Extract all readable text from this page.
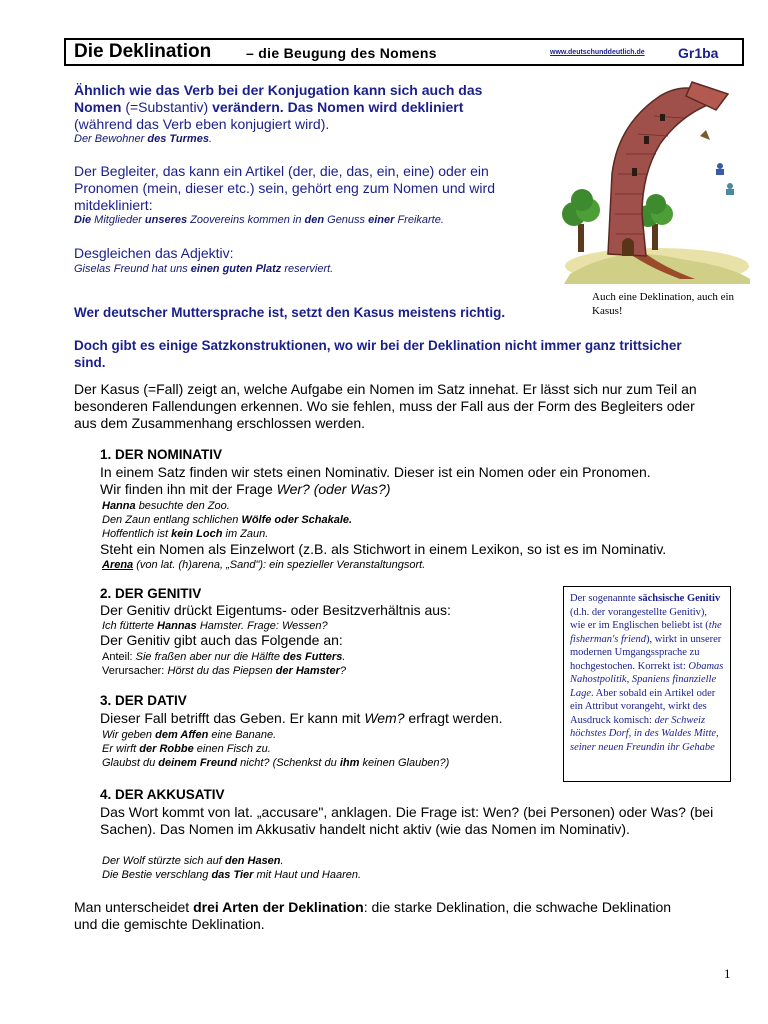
Die Deklination – die Beugung des Nomens	www.deutschunddeutlich.de Gr1ba
Ähnlich wie das Verb bei der Konjugation kann sich auch das Nomen (=Substantiv) verändern. Das Nomen wird dekliniert (während das Verb eben konjugiert wird).
Der Bewohner des Turmes.
Der Begleiter, das kann ein Artikel (der, die, das, ein, eine) oder ein Pronomen (mein, dieser etc.) sein, gehört eng zum Nomen und wird mitdekliniert:
Die Mitglieder unseres Zoovereins kommen in den Genuss einer Freikarte.
Desgleichen das Adjektiv:
Giselas Freund hat uns einen guten Platz reserviert.
Auch eine Deklination, auch ein Kasus!
Wer deutscher Muttersprache ist, setzt den Kasus meistens richtig.
Doch gibt es einige Satzkonstruktionen, wo wir bei der Deklination nicht immer ganz trittsicher sind.
Der Kasus (=Fall) zeigt an, welche Aufgabe ein Nomen im Satz innehat. Er lässt sich nur zum Teil an besonderen Fallendungen erkennen. Wo sie fehlen, muss der Fall aus der Form des Begleiters oder aus dem Zusammenhang erschlossen werden.
1. DER NOMINATIV
In einem Satz finden wir stets einen Nominativ. Dieser ist ein Nomen oder ein Pronomen.
Wir finden ihn mit der Frage Wer? (oder Was?)
Hanna besuchte den Zoo.
Den Zaun entlang schlichen Wölfe oder Schakale.
Hoffentlich ist kein Loch im Zaun.
Steht ein Nomen als Einzelwort (z.B. als Stichwort in einem Lexikon, so ist es im Nominativ.
Arena (von lat. (h)arena, „Sand"): ein spezieller Veranstaltungsort.
2. DER GENITIV
Der Genitiv drückt Eigentums- oder Besitzverhältnis aus:
Ich fütterte Hannas Hamster. Frage: Wessen?
Der Genitiv gibt auch das Folgende an:
Anteil: Sie fraßen aber nur die Hälfte des Futters.
Verursacher: Hörst du das Piepsen der Hamster?
3. DER DATIV
Dieser Fall betrifft das Geben. Er kann mit Wem? erfragt werden.
Wir geben dem Affen eine Banane.
Er wirft der Robbe einen Fisch zu.
Glaubst du deinem Freund nicht? (Schenkst du ihm keinen Glauben?)
Der sogenannte sächsische Genitiv (d.h. der vorangestellte Genitiv), wie er im Englischen beliebt ist (the fisherman's friend), wirkt in unserer modernen Umgangssprache zu hochgestochen. Korrekt ist: Obamas Nahostpolitik, Spaniens finanzielle Lage. Aber sobald ein Artikel oder ein Attribut vorangeht, wirkt des Ausdruck komisch: der Schweiz höchstes Dorf, in des Waldes Mitte, seiner neuen Freundin ihr Gehabe
4. DER AKKUSATIV
Das Wort kommt von lat. „accusare", anklagen. Die Frage ist: Wen? (bei Personen) oder Was? (bei Sachen). Das Nomen im Akkusativ handelt nicht aktiv (wie das Nomen im Nominativ).
Der Wolf stürzte sich auf den Hasen.
Die Bestie verschlang das Tier mit Haut und Haaren.
Man unterscheidet drei Arten der Deklination: die starke Deklination, die schwache Deklination und die gemischte Deklination.
1
